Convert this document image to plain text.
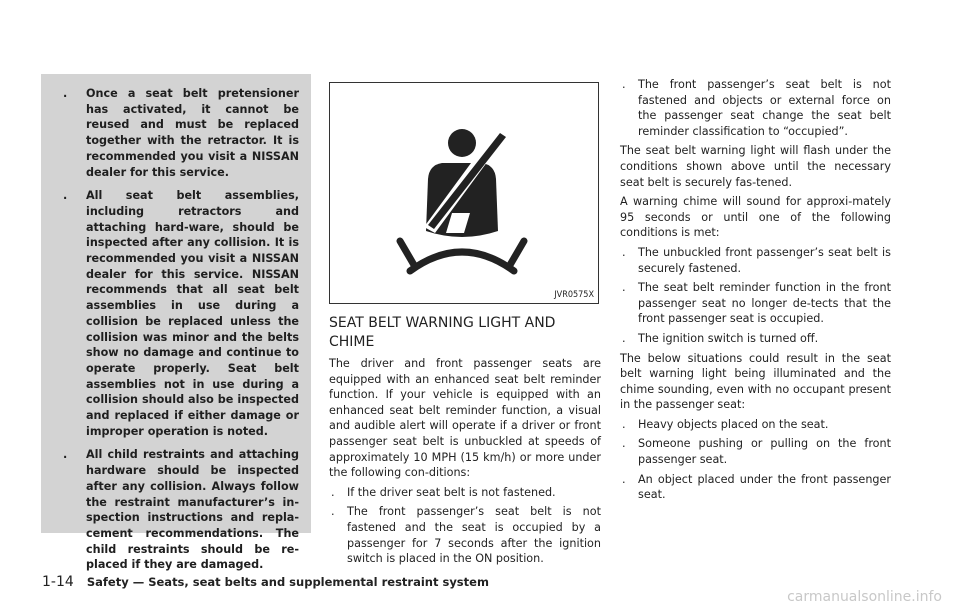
. Once a seat belt pretensioner has activated, it cannot be reused and must be replaced together with the retractor. It is recommended you visit a NISSAN dealer for this service.
. All seat belt assemblies, including retractors and attaching hard-ware, should be inspected after any collision. It is recommended you visit a NISSAN dealer for this service. NISSAN recommends that all seat belt assemblies in use during a collision be replaced unless the collision was minor and the belts show no damage and continue to operate properly. Seat belt assemblies not in use during a collision should also be inspected and replaced if either damage or improper operation is noted.
. All child restraints and attaching hardware should be inspected after any collision. Always follow the restraint manufacturer’s in-spection instructions and repla-cement recommendations. The child restraints should be re-placed if they are damaged.
JVR0575X
SEAT BELT WARNING LIGHT AND CHIME

The driver and front passenger seats are equipped with an enhanced seat belt reminder function. If your vehicle is equipped with an enhanced seat belt reminder function, a visual and audible alert will operate if a driver or front passenger seat belt is unbuckled at speeds of approximately 10 MPH (15 km/h) or more under the following con-ditions:

. If the driver seat belt is not fastened.
. The front passenger’s seat belt is not fastened and the seat is occupied by a passenger for 7 seconds after the ignition switch is placed in the ON position.
. The front passenger’s seat belt is not fastened and objects or external force on the passenger seat change the seat belt reminder classification to “occupied”.

The seat belt warning light will flash under the conditions shown above until the necessary seat belt is securely fas-tened.

A warning chime will sound for approxi-mately 95 seconds or until one of the following conditions is met:

. The unbuckled front passenger’s seat belt is securely fastened.
. The seat belt reminder function in the front passenger seat no longer de-tects that the front passenger seat is occupied.
. The ignition switch is turned off.

The below situations could result in the seat belt warning light being illuminated and the chime sounding, even with no occupant present in the passenger seat:

. Heavy objects placed on the seat.
. Someone pushing or pulling on the front passenger seat.
. An object placed under the front passenger seat.
1-14 Safety — Seats, seat belts and supplemental restraint system
carmanualsonline.info
